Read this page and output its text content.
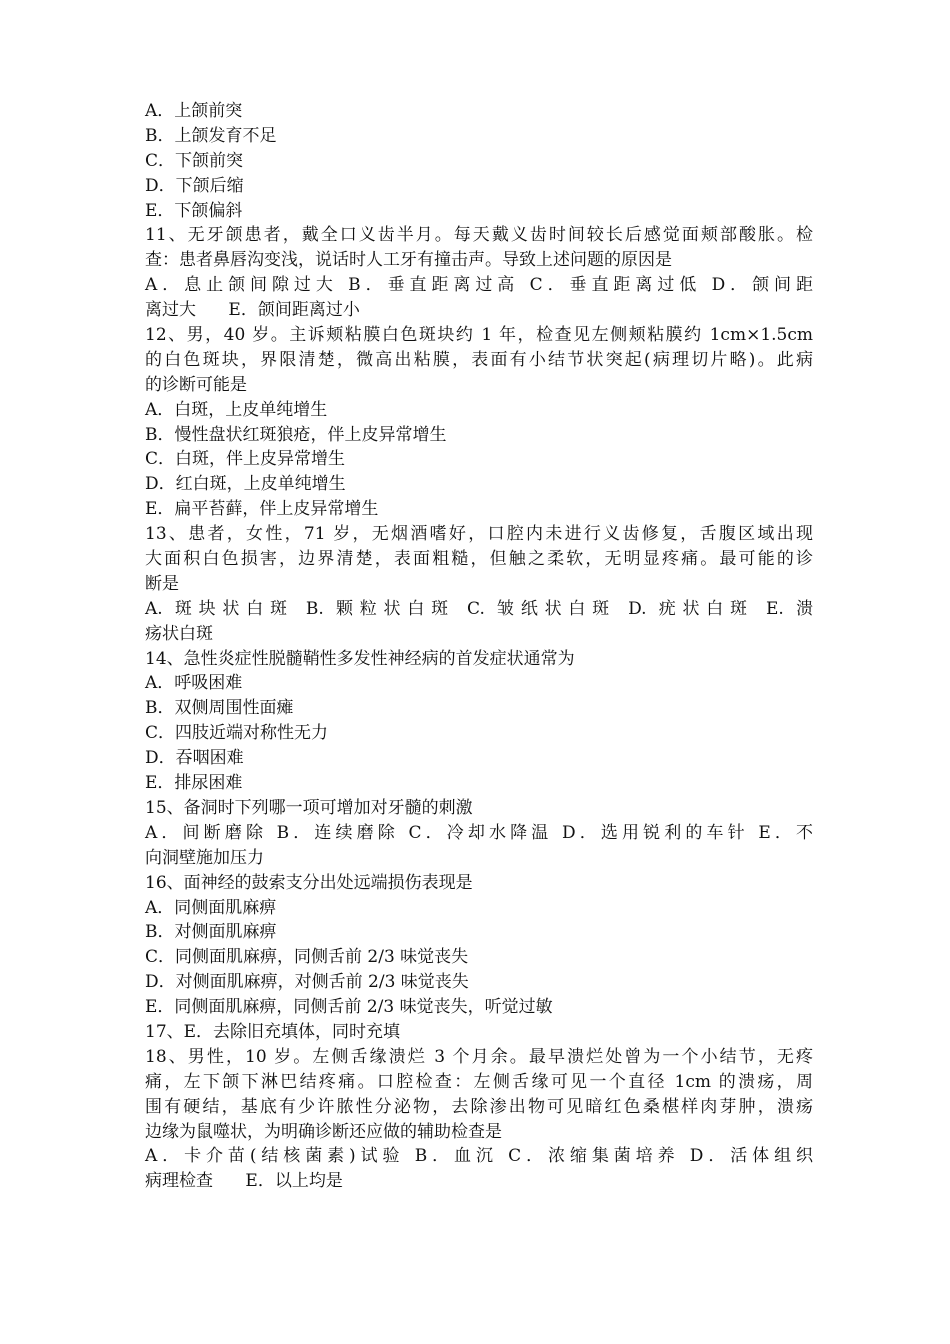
A．上颌前突
B．上颌发育不足
C．下颌前突
D．下颌后缩
E．下颌偏斜
11、无牙颌患者，戴全口义齿半月。每天戴义齿时间较长后感觉面颊部酸胀。检
查：患者鼻唇沟变浅，说话时人工牙有撞击声。导致上述问题的原因是
A．息止颌间隙过大 B．垂直距离过高 C．垂直距离过低 D．颌间距
离过大      E．颌间距离过小
12、男，40 岁。主诉颊粘膜白色斑块约 1 年，检查见左侧颊粘膜约 1cm×1.5cm
的白色斑块，界限清楚，微高出粘膜，表面有小结节状突起(病理切片略)。此病
的诊断可能是
A．白斑，上皮单纯增生
B．慢性盘状红斑狼疮，伴上皮异常增生
C．白斑，伴上皮异常增生
D．红白斑，上皮单纯增生
E．扁平苔藓，伴上皮异常增生
13、患者，女性，71 岁，无烟酒嗜好，口腔内未进行义齿修复，舌腹区域出现
大面积白色损害，边界清楚，表面粗糙，但触之柔软，无明显疼痛。最可能的诊
断是
A. 斑块状白斑 B. 颗粒状白斑 C. 皱纸状白斑 D. 疣状白斑 E. 溃
疡状白斑
14、急性炎症性脱髓鞘性多发性神经病的首发症状通常为
A．呼吸困难
B．双侧周围性面瘫
C．四肢近端对称性无力
D．吞咽困难
E．排尿困难
15、备洞时下列哪一项可增加对牙髓的刺激
A．间断磨除 B．连续磨除 C．冷却水降温 D．选用锐利的车针 E．不
向洞壁施加压力
16、面神经的鼓索支分出处远端损伤表现是
A．同侧面肌麻痹
B．对侧面肌麻痹
C．同侧面肌麻痹，同侧舌前 2/3 味觉丧失
D．对侧面肌麻痹，对侧舌前 2/3 味觉丧失
E．同侧面肌麻痹，同侧舌前 2/3 味觉丧失，听觉过敏
17、E．去除旧充填体，同时充填
18、男性，10 岁。左侧舌缘溃烂 3 个月余。最早溃烂处曾为一个小结节，无疼
痛，左下颌下淋巴结疼痛。口腔检查：左侧舌缘可见一个直径 1cm 的溃疡，周
围有硬结，基底有少许脓性分泌物，去除渗出物可见暗红色桑椹样肉芽肿，溃疡
边缘为鼠噬状，为明确诊断还应做的辅助检查是
A．卡介苗(结核菌素)试验 B．血沉 C．浓缩集菌培养 D．活体组织
病理检查      E．以上均是
